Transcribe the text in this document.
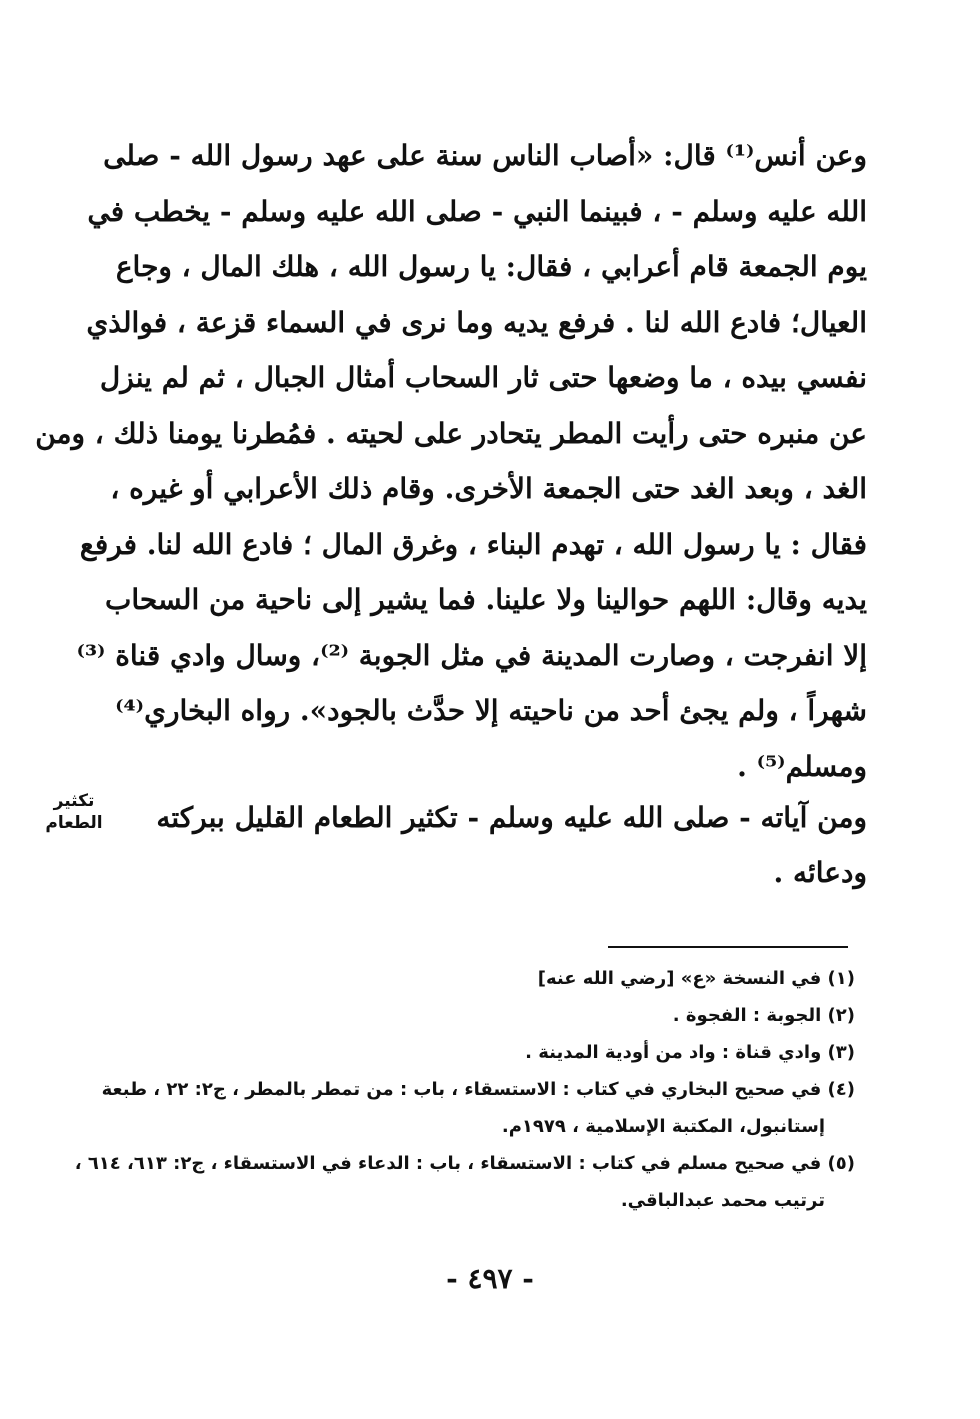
وعن أنس⁽¹⁾ قال: «أصاب الناس سنة على عهد رسول الله - صلى
الله عليه وسلم - ، فبينما النبي - صلى الله عليه وسلم - يخطب في
يوم الجمعة قام أعرابي ، فقال: يا رسول الله ، هلك المال ، وجاع
العيال؛ فادع الله لنا . فرفع يديه وما نرى في السماء قزعة ، فوالذي
نفسي بيده ، ما وضعها حتى ثار السحاب أمثال الجبال ، ثم لم ينزل
عن منبره حتى رأيت المطر يتحادر على لحيته . فمُطرنا يومنا ذلك ، ومن
الغد ، وبعد الغد حتى الجمعة الأخرى. وقام ذلك الأعرابي أو غيره ،
فقال : يا رسول الله ، تهدم البناء ، وغرق المال ؛ فادع الله لنا. فرفع
يديه وقال: اللهم حوالينا ولا علينا. فما يشير إلى ناحية من السحاب
إلا انفرجت ، وصارت المدينة في مثل الجوبة ⁽²⁾، وسال وادي قناة ⁽³⁾
شهراً ، ولم يجئ أحد من ناحيته إلا حدَّث بالجود». رواه البخاري⁽⁴⁾
ومسلم⁽⁵⁾ .
تكثير
الطعام	ومن آياته - صلى الله عليه وسلم - تكثير الطعام القليل ببركته
ودعائه .
(١) في النسخة «ع» [رضي الله عنه]
(٢) الجوبة : الفجوة .
(٣) وادي قناة : واد من أودية المدينة .
(٤) في صحيح البخاري في كتاب : الاستسقاء ، باب : من تمطر بالمطر ، ج٢: ٢٢ ، طبعة
إستانبول، المكتبة الإسلامية ، ١٩٧٩م.
(٥) في صحيح مسلم في كتاب : الاستسقاء ، باب : الدعاء في الاستسقاء ، ج٢: ٦١٣، ٦١٤ ،
ترتيب محمد عبدالباقي.
- ٤٩٧ -
